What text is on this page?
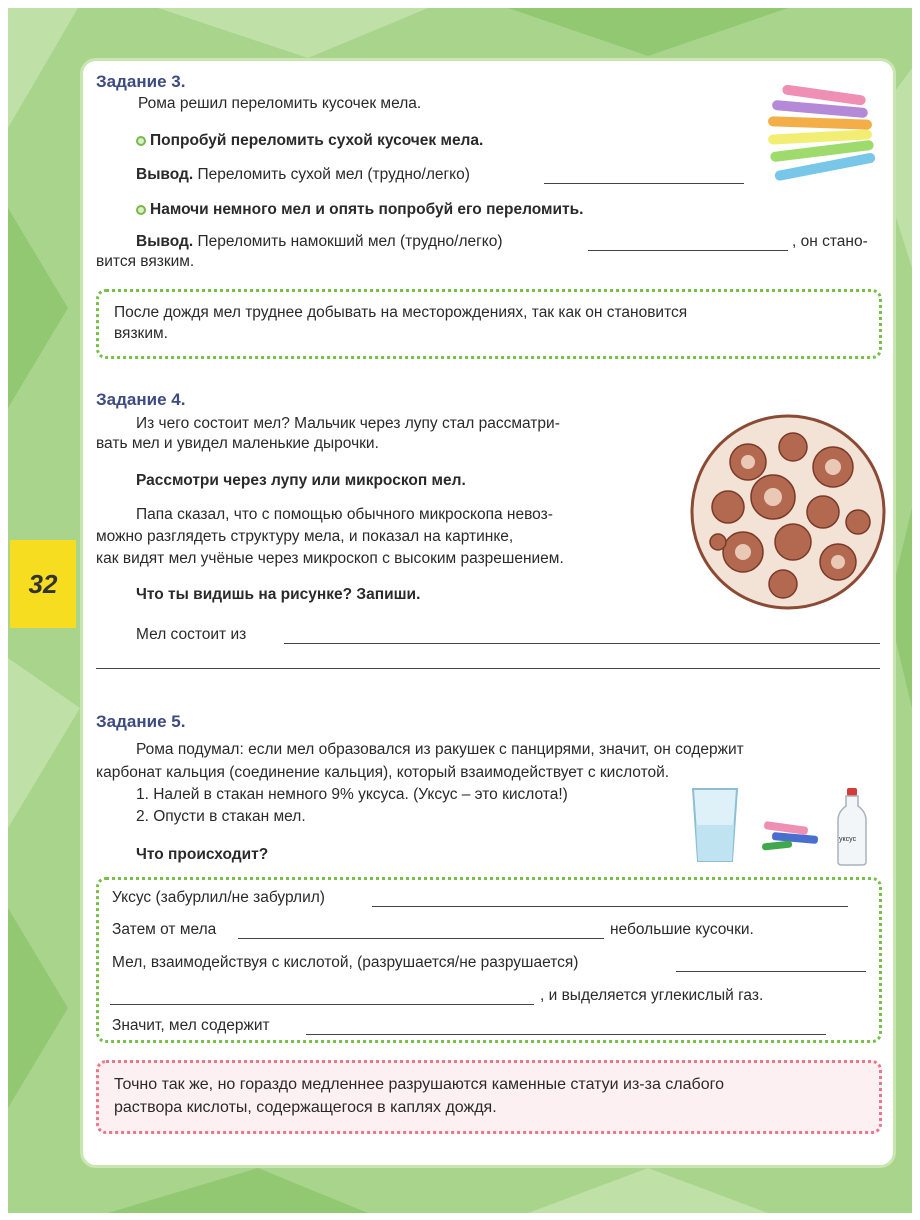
32
Задание 3.
Рома решил переломить кусочек мела.
Попробуй переломить сухой кусочек мела.
Вывод. Переломить сухой мел (трудно/легко)
Намочи немного мел и опять попробуй его переломить.
Вывод. Переломить намокший мел (трудно/легко)	, он стано-
вится вязким.
После дождя мел труднее добывать на месторождениях, так как он становится
вязким.
Задание 4.
Из чего состоит мел? Мальчик через лупу стал рассматри-
вать мел и увидел маленькие дырочки.
Рассмотри через лупу или микроскоп мел.
Папа сказал, что с помощью обычного микроскопа невоз-
можно разглядеть структуру мела, и показал на картинке,
как видят мел учёные через микроскоп с высоким разрешением.
Что ты видишь на рисунке? Запиши.
Мел состоит из
Задание 5.
Рома подумал: если мел образовался из ракушек с панцирями, значит, он содержит
карбонат кальция (соединение кальция), который взаимодействует с кислотой.
1. Налей в стакан немного 9% уксуса. (Уксус – это кислота!)
2. Опусти в стакан мел.
Что происходит?
уксус
Уксус (забурлил/не забурлил)
Затем от мела	небольшие кусочки.
Мел, взаимодействуя с кислотой, (разрушается/не разрушается)
, и выделяется углекислый газ.
Значит, мел содержит
Точно так же, но гораздо медленнее разрушаются каменные статуи из-за слабого
раствора кислоты, содержащегося в каплях дождя.
